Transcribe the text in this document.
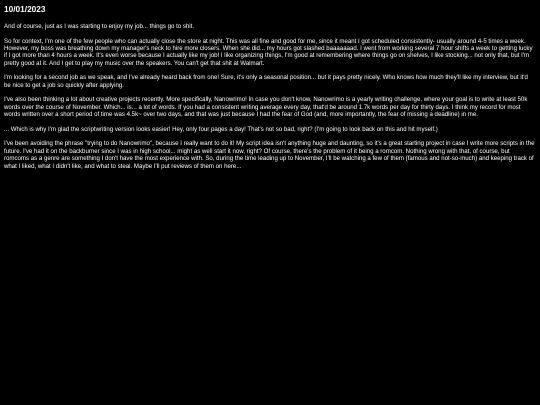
10/01/2023

And of course, just as I was starting to enjoy my job... things go to shit.

So for context, I'm one of the few people who can actually close the store at night. This was all fine and good for me, since it meant I got scheduled consistently- usually around 4-5 times a week. However, my boss was breathing down my manager's neck to hire more closers. When she did... my hours got slashed baaaaaaad. I went from working several 7 hour shifts a week to getting lucky if I got more than 4 hours a week. It's even worse because I actually like my job! I like organizing things, I'm good at remembering where things go on shelves, I like stocking... not only that, but I'm pretty good at it. And I get to play my music over the speakers. You can't get that shit at Walmart.

I'm looking for a second job as we speak, and I've already heard back from one! Sure, it's only a seasonal position... but it pays pretty nicely. Who knows how much they'll like my interview, but it'd be nice to get a job so quickly after applying.

I've also been thinking a lot about creative projects recently. More specifically, Nanowrimo! In case you don't know, Nanowrimo is a yearly writing challenge, where your goal is to write at least 50k words over the course of November. Which... is... a lot of words. If you had a consistent writing average every day, that'd be around 1.7k words per day for thirty days. I think my record for most words written over a short period of time was 4.5k~ over two days, and that was just because I had the fear of God (and, more importantly, the fear of missing a deadline) in me.

... Which is why I'm glad the scriptwriting version looks easier! Hey, only four pages a day! That's not so bad, right? (I'm going to look back on this and hit myself.)

I've been avoiding the phrase "trying to do Nanowrimo", because I really want to do it! My script idea isn't anything huge and daunting, so it's a great starting project in case I write more scripts in the future. I've had it on the backburner since I was in high school... might as well start it now, right? Of course, there's the problem of it being a romcom. Nothing wrong with that, of course, but romcoms as a genre are something I don't have the most experience with. So, during the time leading up to November, I'll be watching a few of them (famous and not-so-much) and keeping track of what I liked, what I didn't like, and what to steal. Maybe I'll put reviews of them on here...
